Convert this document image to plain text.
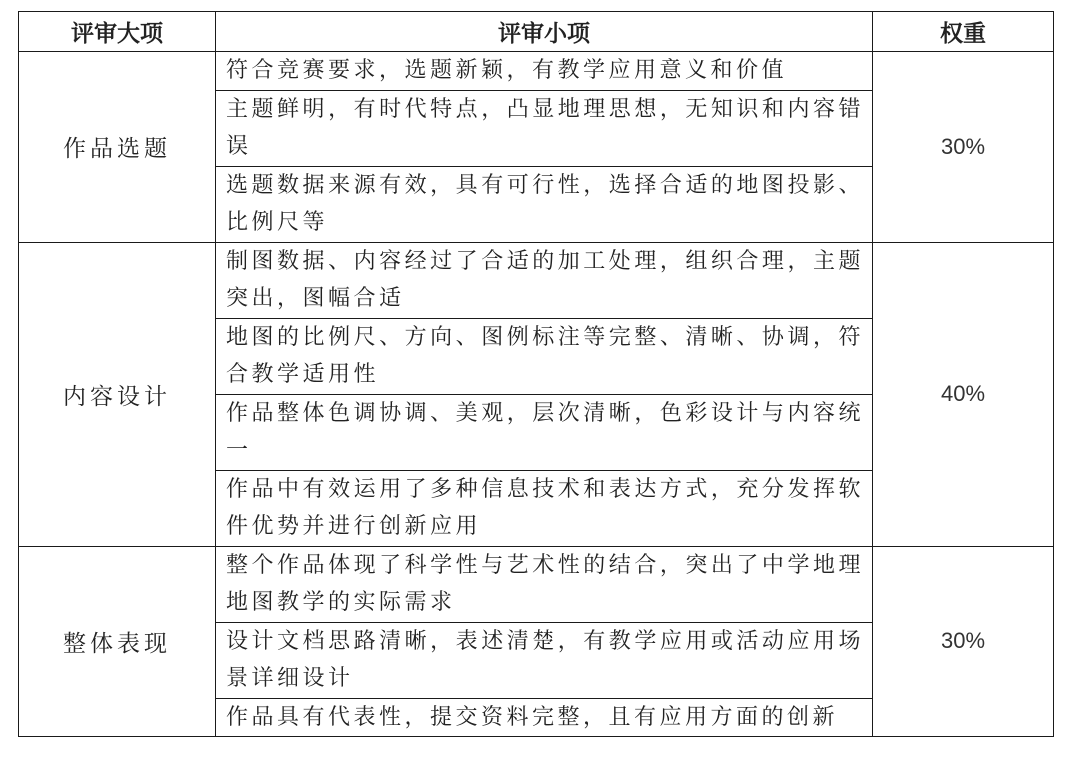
评审大项	评审小项	权重
作品选题	符合竞赛要求，选题新颖，有教学应用意义和价值	30%
	主题鲜明，有时代特点，凸显地理思想，无知识和内容错误	
	选题数据来源有效，具有可行性，选择合适的地图投影、比例尺等	
内容设计	制图数据、内容经过了合适的加工处理，组织合理，主题突出，图幅合适	40%
	地图的比例尺、方向、图例标注等完整、清晰、协调，符合教学适用性	
	作品整体色调协调、美观，层次清晰，色彩设计与内容统一	
	作品中有效运用了多种信息技术和表达方式，充分发挥软件优势并进行创新应用	
整体表现	整个作品体现了科学性与艺术性的结合，突出了中学地理地图教学的实际需求	30%
	设计文档思路清晰，表述清楚，有教学应用或活动应用场景详细设计	
	作品具有代表性，提交资料完整，且有应用方面的创新	
